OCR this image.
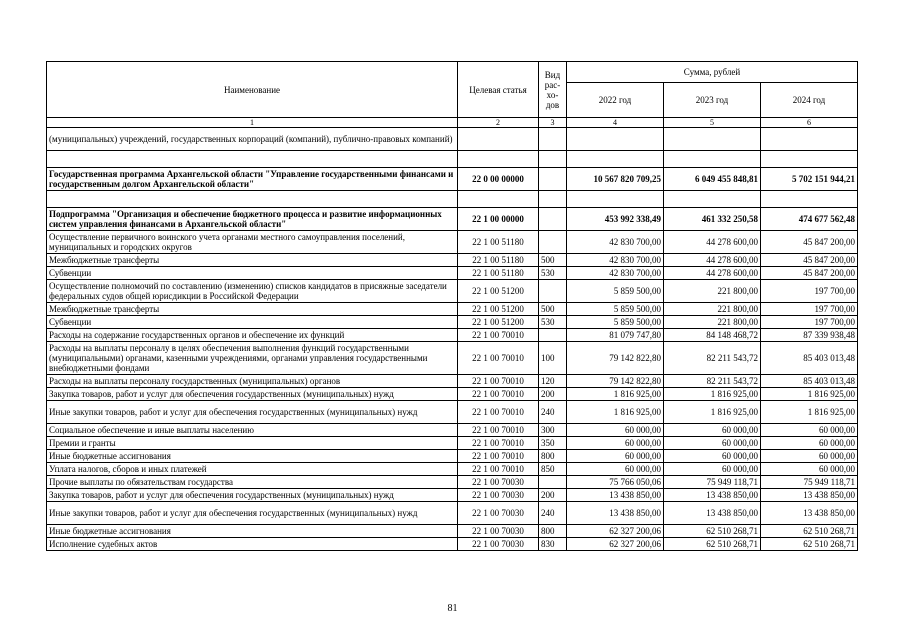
Наименование	Целевая статья	Вид рас-хо-дов	Сумма, рублей		
			2022 год	2023 год	2024 год
1	2	3	4	5	6
(муниципальных) учреждений, государственных корпораций (компаний), публично-правовых компаний)					

Государственная программа Архангельской области "Управление государственными финансами и государственным долгом Архангельской области"	22 0 00 00000		10 567 820 709,25	6 049 455 848,81	5 702 151 944,21

Подпрограмма "Организация и обеспечение бюджетного процесса и развитие информационных систем управления финансами в Архангельской области"	22 1 00 00000		453 992 338,49	461 332 250,58	474 677 562,48
Осуществление первичного воинского учета органами местного самоуправления поселений, муниципальных и городских округов	22 1 00 51180		42 830 700,00	44 278 600,00	45 847 200,00
Межбюджетные трансферты	22 1 00 51180	500	42 830 700,00	44 278 600,00	45 847 200,00
Субвенции	22 1 00 51180	530	42 830 700,00	44 278 600,00	45 847 200,00
Осуществление полномочий по составлению (изменению) списков кандидатов в присяжные заседатели федеральных судов общей юрисдикции в Российской Федерации	22 1 00 51200		5 859 500,00	221 800,00	197 700,00
Межбюджетные трансферты	22 1 00 51200	500	5 859 500,00	221 800,00	197 700,00
Субвенции	22 1 00 51200	530	5 859 500,00	221 800,00	197 700,00
Расходы на содержание государственных органов и обеспечение их функций	22 1 00 70010		81 079 747,80	84 148 468,72	87 339 938,48
Расходы на выплаты персоналу в целях обеспечения выполнения функций государственными (муниципальными) органами, казенными учреждениями, органами управления государственными внебюджетными фондами	22 1 00 70010	100	79 142 822,80	82 211 543,72	85 403 013,48
Расходы на выплаты персоналу государственных (муниципальных) органов	22 1 00 70010	120	79 142 822,80	82 211 543,72	85 403 013,48
Закупка товаров, работ и услуг для обеспечения государственных (муниципальных) нужд	22 1 00 70010	200	1 816 925,00	1 816 925,00	1 816 925,00
Иные закупки товаров, работ и услуг для обеспечения государственных (муниципальных) нужд	22 1 00 70010	240	1 816 925,00	1 816 925,00	1 816 925,00
Социальное обеспечение и иные выплаты населению	22 1 00 70010	300	60 000,00	60 000,00	60 000,00
Премии и гранты	22 1 00 70010	350	60 000,00	60 000,00	60 000,00
Иные бюджетные ассигнования	22 1 00 70010	800	60 000,00	60 000,00	60 000,00
Уплата налогов, сборов и иных платежей	22 1 00 70010	850	60 000,00	60 000,00	60 000,00
Прочие выплаты по обязательствам государства	22 1 00 70030		75 766 050,06	75 949 118,71	75 949 118,71
Закупка товаров, работ и услуг для обеспечения государственных (муниципальных) нужд	22 1 00 70030	200	13 438 850,00	13 438 850,00	13 438 850,00
Иные закупки товаров, работ и услуг для обеспечения государственных (муниципальных) нужд	22 1 00 70030	240	13 438 850,00	13 438 850,00	13 438 850,00
Иные бюджетные ассигнования	22 1 00 70030	800	62 327 200,06	62 510 268,71	62 510 268,71
Исполнение судебных актов	22 1 00 70030	830	62 327 200,06	62 510 268,71	62 510 268,71
81
